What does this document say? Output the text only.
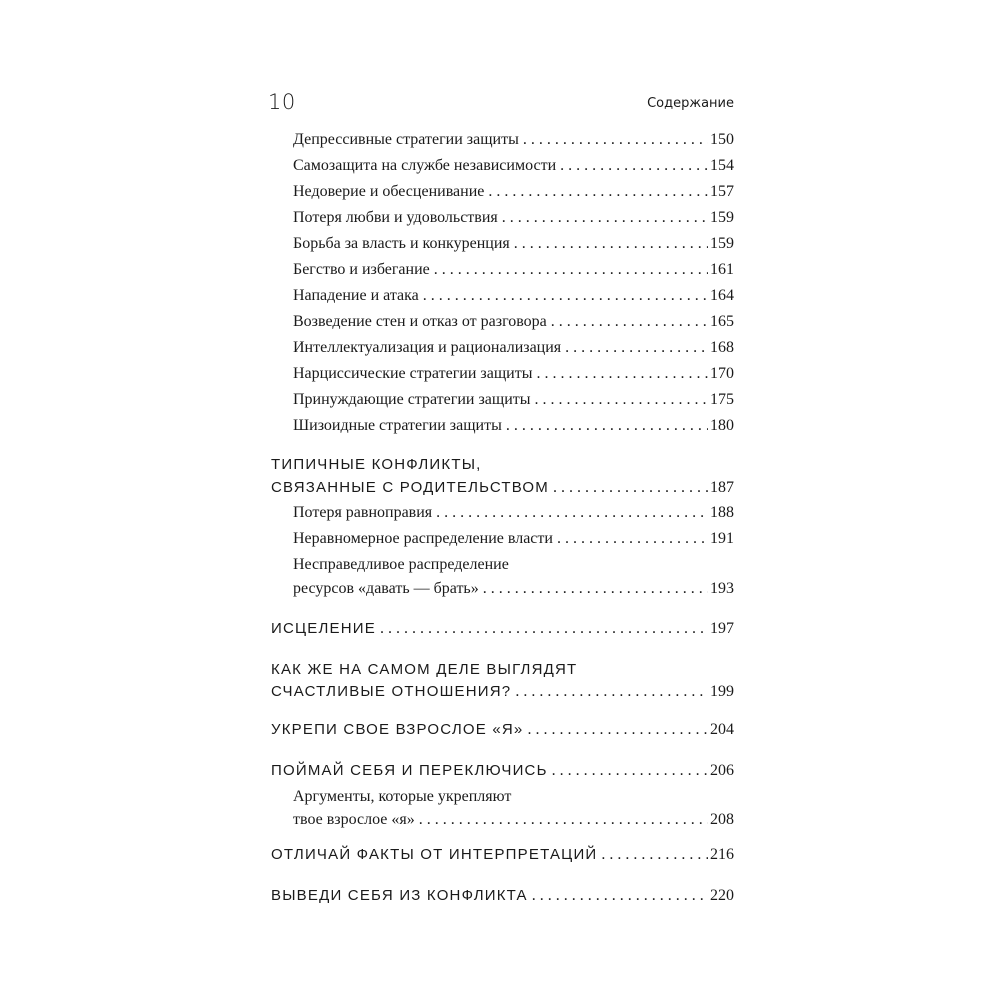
10	Содержание
Депрессивные стратегии защиты . . .	150
Самозащита на службе независимости . . .	154
Недоверие и обесценивание . . .	157
Потеря любви и удовольствия . . .	159
Борьба за власть и конкуренция . . .	159
Бегство и избегание . . .	161
Нападение и атака . . .	164
Возведение стен и отказ от разговора . . .	165
Интеллектуализация и рационализация . . .	168
Нарциссические стратегии защиты . . .	170
Принуждающие стратегии защиты . . .	175
Шизоидные стратегии защиты . . .	180
ТИПИЧНЫЕ КОНФЛИКТЫ,
СВЯЗАННЫЕ С РОДИТЕЛЬСТВОМ . . .	187
Потеря равноправия . . .	188
Неравномерное распределение власти . . .	191
Несправедливое распределение
ресурсов «давать — брать» . . .	193
ИСЦЕЛЕНИЕ . . .	197
КАК ЖЕ НА САМОМ ДЕЛЕ ВЫГЛЯДЯТ
СЧАСТЛИВЫЕ ОТНОШЕНИЯ? . . .	199
УКРЕПИ СВОЕ ВЗРОСЛОЕ «Я» . . .	204
ПОЙМАЙ СЕБЯ И ПЕРЕКЛЮЧИСЬ . . .	206
Аргументы, которые укрепляют
твое взрослое «я» . . .	208
ОТЛИЧАЙ ФАКТЫ ОТ ИНТЕРПРЕТАЦИЙ . . .	216
ВЫВЕДИ СЕБЯ ИЗ КОНФЛИКТА . . .	220
